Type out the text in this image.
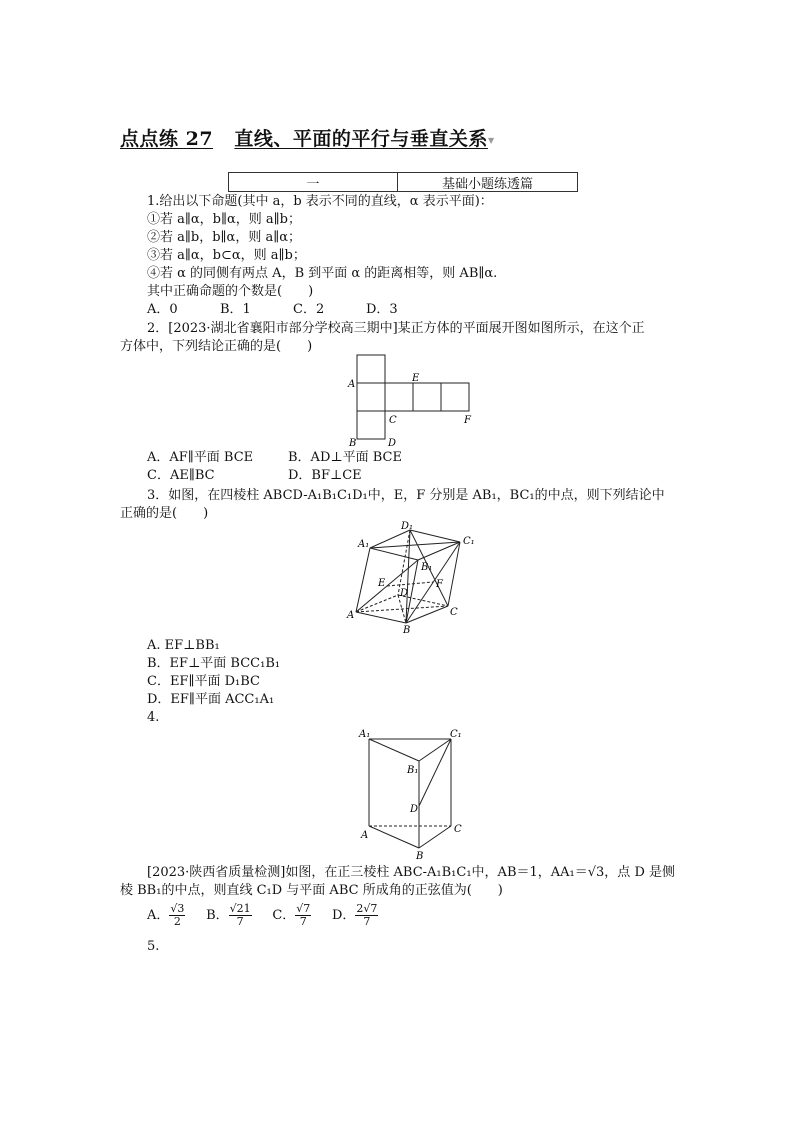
点点练 27 直线、平面的平行与垂直关系▼
一	基础小题练透篇
1.给出以下命题(其中 a，b 表示不同的直线，α 表示平面)：
①若 a∥α，b∥α，则 a∥b；
②若 a∥b，b∥α，则 a∥α；
③若 a∥α，b⊂α，则 a∥b；
④若 α 的同侧有两点 A，B 到平面 α 的距离相等，则 AB∥α.
其中正确命题的个数是(　　)
A．0	B．1	C．2	D．3
2．[2023·湖北省襄阳市部分学校高三期中]某正方体的平面展开图如图所示，在这个正
方体中，下列结论正确的是(　　)
A
E
C	F
B	D
A．AF∥平面 BCE	B．AD⊥平面 BCE
C．AE∥BC	D．BF⊥CE
3．如图，在四棱柱 ABCD-A₁B₁C₁D₁中，E，F 分别是 AB₁，BC₁的中点，则下列结论中
正确的是(　　)
A₁
D₁
C₁
B₁
E
D
F
A
B
C
A. EF⊥BB₁
B．EF⊥平面 BCC₁B₁
C．EF∥平面 D₁BC
D．EF∥平面 ACC₁A₁
4.
A₁	C₁
B₁
D
A
C
B
[2023·陕西省质量检测]如图，在正三棱柱 ABC-A₁B₁C₁中，AB＝1，AA₁＝√3，点 D 是侧
棱 BB₁的中点，则直线 C₁D 与平面 ABC 所成角的正弦值为(　　)
A． $\frac{√3}{2}$ B． $\frac{√21}{7}$ C． $\frac{√7}{7}$ D． $\frac{2√7}{7}$
5.
